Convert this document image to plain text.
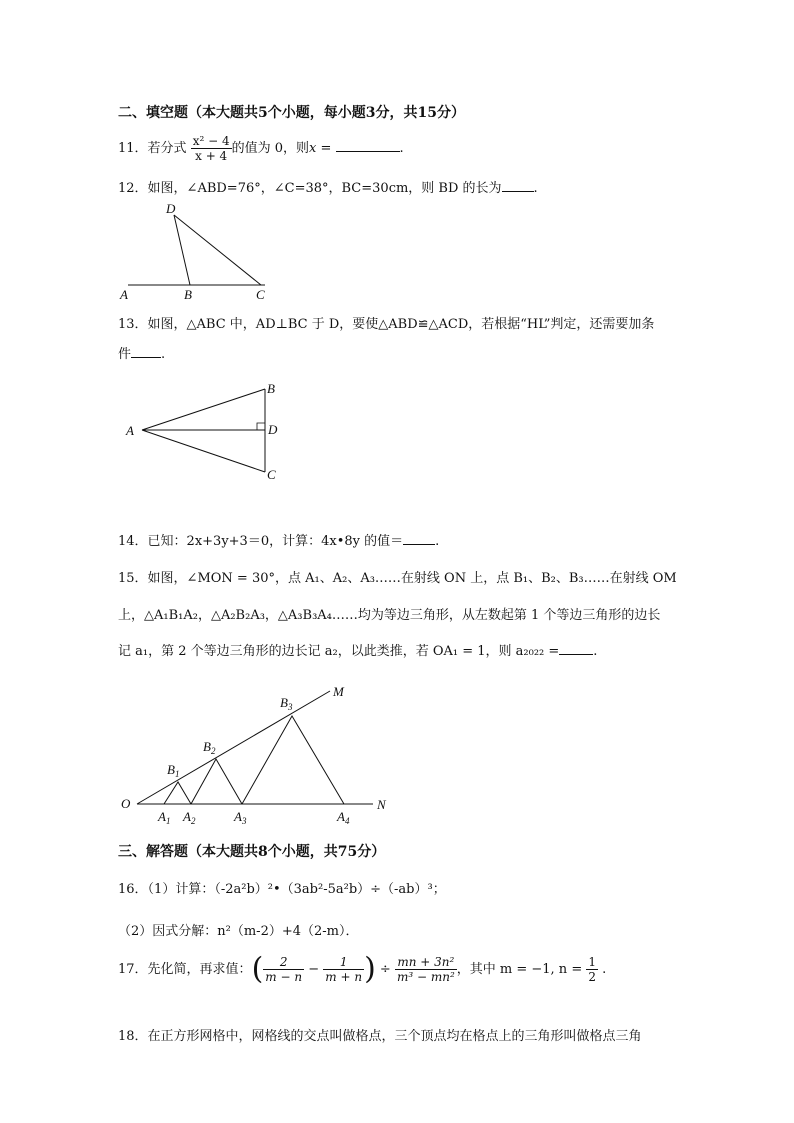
二、填空题（本大题共5个小题，每小题3分，共15分）
11．若分式 $\frac{\text{x² − 4}}{x + 4}$ 的值为 0，则x =	.
12．如图，∠ABD=76°，∠C=38°，BC=30cm，则 BD 的长为 .
D
A	B	C
13．如图，△ABC 中，AD⊥BC 于 D，要使△ABD≌△ACD，若根据“HL”判定，还需要加条
件 .
A
B
D
C
14．已知：2x+3y+3＝0，计算：4x•8y 的值＝ .
15．如图，∠MON = 30°，点 A₁、A₂、A₃……在射线 ON 上，点 B₁、B₂、B₃……在射线 OM
上，△A₁B₁A₂，△A₂B₂A₃，△A₃B₃A₄……均为等边三角形，从左数起第 1 个等边三角形的边长
记 a₁，第 2 个等边三角形的边长记 a₂，以此类推，若 OA₁ = 1，则 a₂₀₂₂ =	.
O
M
N
$A_1$ $A_2$	$A_3$	$A_4$
$B_1$
$B_2$
$B_3$
三、解答题（本大题共8个小题，共75分）
16．（1）计算：（-2a²b）²•（3ab²-5a²b）÷（-ab）³；
（2）因式分解：n²（m-2）+4（2-m）．
17．先化简，再求值：( $\frac{2}{m - n} - \frac{1}{m + n}$ ) ÷ $\frac{\text{mn + 3n²}}{\text{m³ − mn²}}$ ，其中 m = −1, $n = \frac{1}{2}$ .
18．在正方形网格中，网格线的交点叫做格点，三个顶点均在格点上的三角形叫做格点三角
